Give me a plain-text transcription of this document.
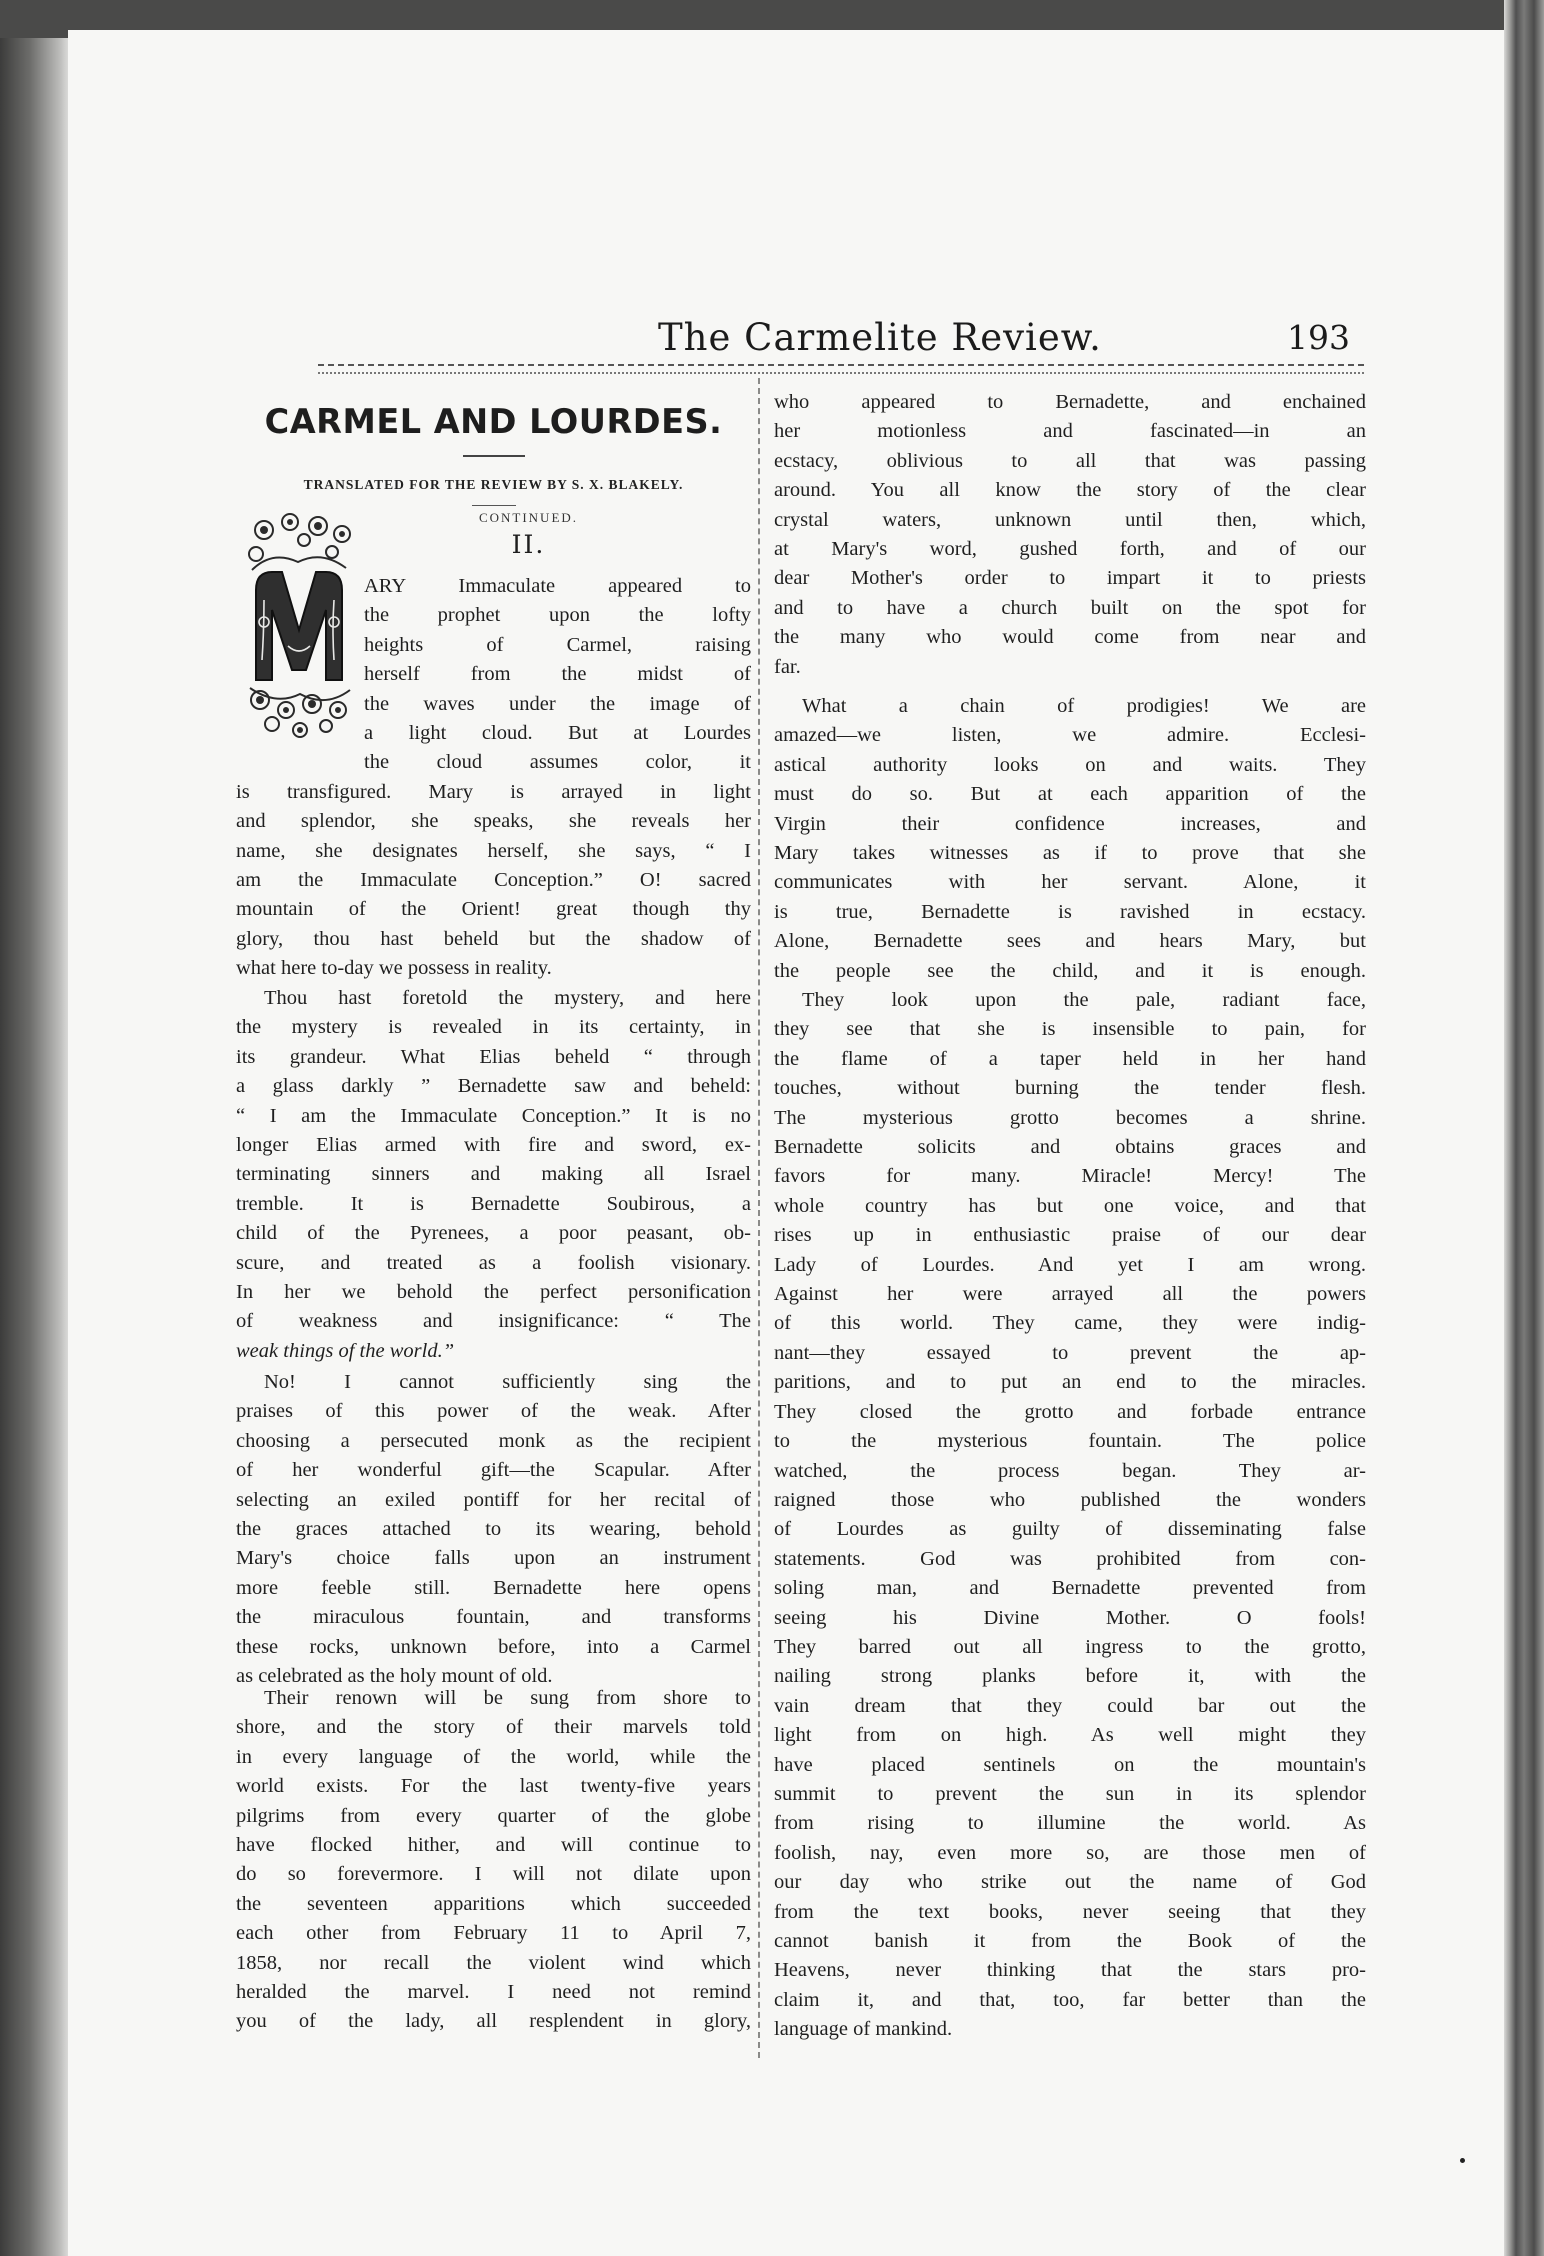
The Carmelite Review.	193
CARMEL AND LOURDES.
TRANSLATED FOR THE REVIEW BY S. X. BLAKELY.
CONTINUED.
II.
ARY Immaculate appeared to
the prophet upon the lofty
heights of Carmel, raising
herself from the midst of
the waves under the image of
a light cloud. But at Lourdes
the cloud assumes color, it
is transfigured. Mary is arrayed in light
and splendor, she speaks, she reveals her
name, she designates herself, she says, “ I
am the Immaculate Conception.” O! sacred
mountain of the Orient! great though thy
glory, thou hast beheld but the shadow of
what here to-day we possess in reality.
Thou hast foretold the mystery, and here
the mystery is revealed in its certainty, in
its grandeur. What Elias beheld “ through
a glass darkly ” Bernadette saw and beheld:
“ I am the Immaculate Conception.” It is no
longer Elias armed with fire and sword, ex-
terminating sinners and making all Israel
tremble. It is Bernadette Soubirous, a
child of the Pyrenees, a poor peasant, ob-
scure, and treated as a foolish visionary.
In her we behold the perfect personification
of weakness and insignificance: “ The
weak things of the world.”
No! I cannot sufficiently sing the
praises of this power of the weak. After
choosing a persecuted monk as the recipient
of her wonderful gift—the Scapular. After
selecting an exiled pontiff for her recital of
the graces attached to its wearing, behold
Mary's choice falls upon an instrument
more feeble still. Bernadette here opens
the miraculous fountain, and transforms
these rocks, unknown before, into a Carmel
as celebrated as the holy mount of old.
Their renown will be sung from shore to
shore, and the story of their marvels told
in every language of the world, while the
world exists. For the last twenty-five years
pilgrims from every quarter of the globe
have flocked hither, and will continue to
do so forevermore. I will not dilate upon
the seventeen apparitions which succeeded
each other from February 11 to April 7,
1858, nor recall the violent wind which
heralded the marvel. I need not remind
you of the lady, all resplendent in glory,
who appeared to Bernadette, and enchained
her motionless and fascinated—in an
ecstacy, oblivious to all that was passing
around. You all know the story of the clear
crystal waters, unknown until then, which,
at Mary's word, gushed forth, and of our
dear Mother's order to impart it to priests
and to have a church built on the spot for
the many who would come from near and
far.
What a chain of prodigies! We are
amazed—we listen, we admire. Ecclesi-
astical authority looks on and waits. They
must do so. But at each apparition of the
Virgin their confidence increases, and
Mary takes witnesses as if to prove that she
communicates with her servant. Alone, it
is true, Bernadette is ravished in ecstacy.
Alone, Bernadette sees and hears Mary, but
the people see the child, and it is enough.
They look upon the pale, radiant face,
they see that she is insensible to pain, for
the flame of a taper held in her hand
touches, without burning the tender flesh.
The mysterious grotto becomes a shrine.
Bernadette solicits and obtains graces and
favors for many. Miracle! Mercy! The
whole country has but one voice, and that
rises up in enthusiastic praise of our dear
Lady of Lourdes. And yet I am wrong.
Against her were arrayed all the powers
of this world. They came, they were indig-
nant—they essayed to prevent the ap-
paritions, and to put an end to the miracles.
They closed the grotto and forbade entrance
to the mysterious fountain. The police
watched, the process began. They ar-
raigned those who published the wonders
of Lourdes as guilty of disseminating false
statements. God was prohibited from con-
soling man, and Bernadette prevented from
seeing his Divine Mother. O fools!
They barred out all ingress to the grotto,
nailing strong planks before it, with the
vain dream that they could bar out the
light from on high. As well might they
have placed sentinels on the mountain's
summit to prevent the sun in its splendor
from rising to illumine the world. As
foolish, nay, even more so, are those men of
our day who strike out the name of God
from the text books, never seeing that they
cannot banish it from the Book of the
Heavens, never thinking that the stars pro-
claim it, and that, too, far better than the
language of mankind.
